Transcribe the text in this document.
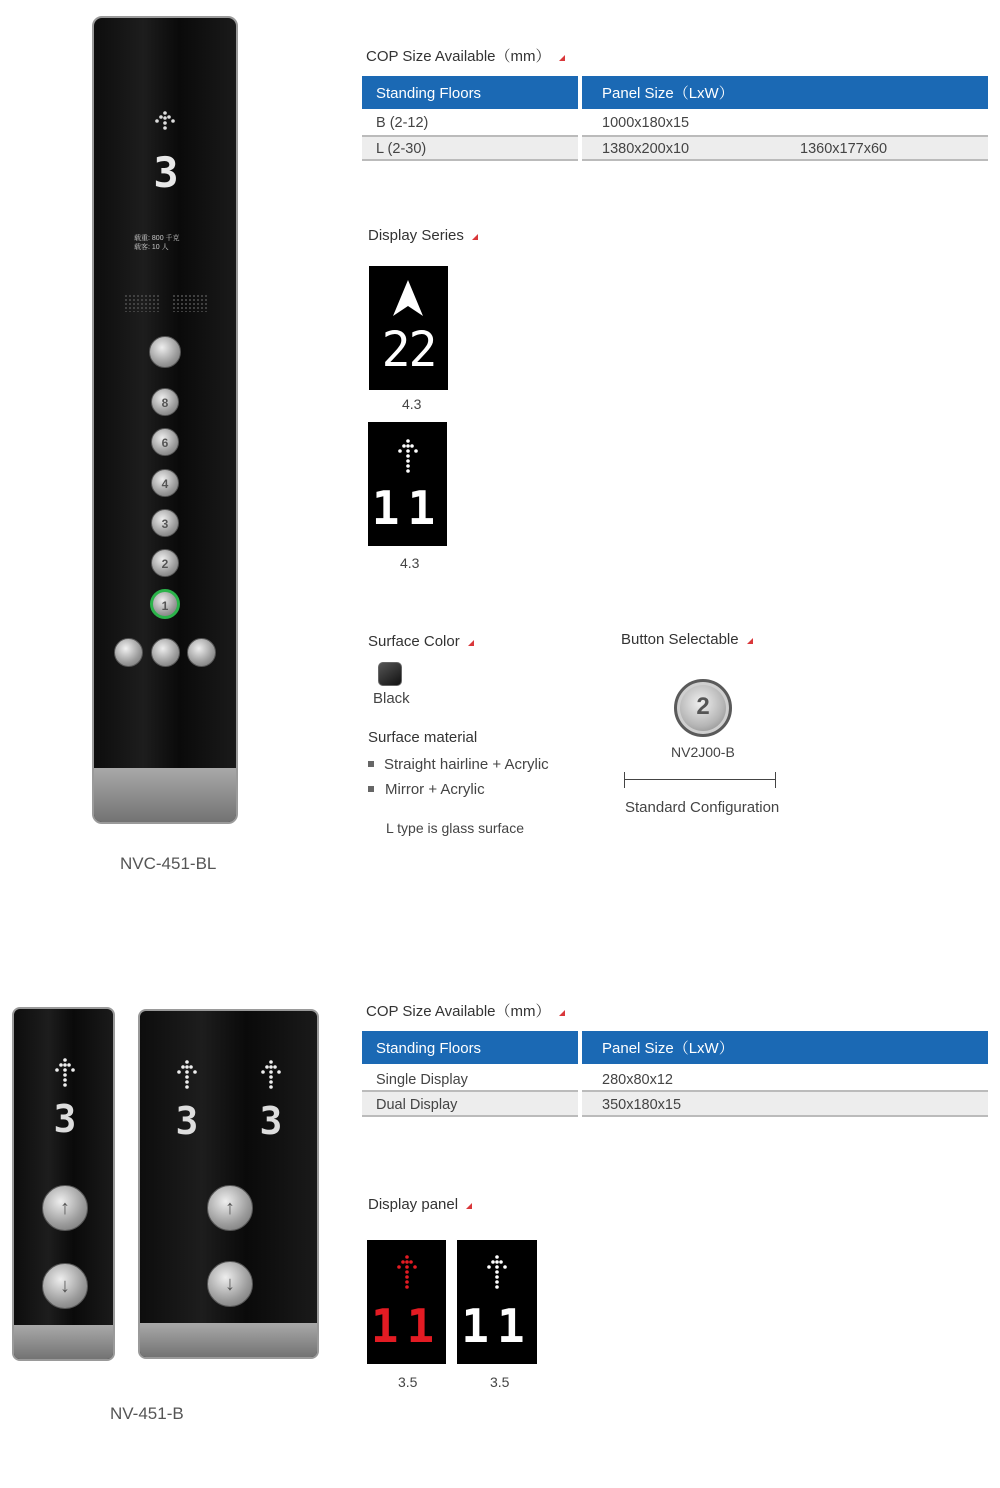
3
载重: 800 千克
载客: 10 人
8
6
4
3
2
1
NVC-451-BL
COP Size Available（mm）
Standing Floors	Panel Size（LxW）
B (2-12)	1000x180x15
L (2-30)	1380x200x10	1360x177x60
Display Series
22
4.3
11
4.3
Surface Color
Black
Surface material
Straight hairline + Acrylic
Mirror + Acrylic
L type is glass surface
Button Selectable
2
NV2J00-B
Standard Configuration
3
↑
↓
3 3
↑
↓
NV-451-B
COP Size Available（mm）
Standing Floors	Panel Size（LxW）
Single Display	280x80x12
Dual Display	350x180x15
Display panel
11
3.5
11
3.5
